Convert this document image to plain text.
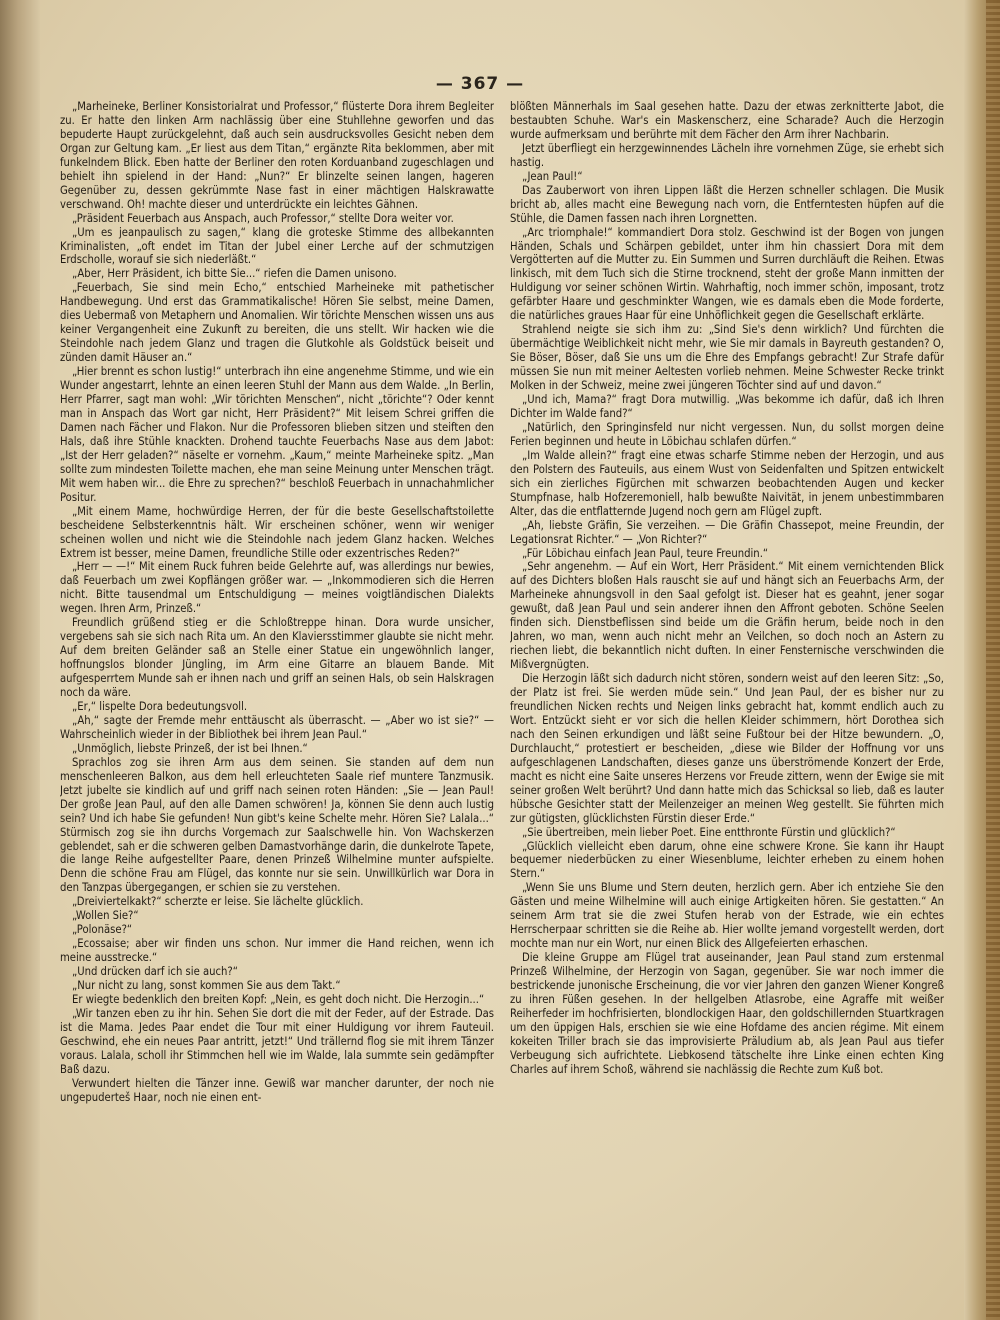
— 367 —

„Marheineke, Berliner Konsistorialrat und Professor,“ flüsterte Dora ihrem Begleiter zu. Er hatte den linken Arm nachlässig über eine Stuhllehne geworfen und das bepuderte Haupt zurückgelehnt, daß auch sein ausdrucksvolles Gesicht neben dem Organ zur Geltung kam. „Er liest aus dem Titan,“ ergänzte Rita beklommen, aber mit funkelndem Blick. Eben hatte der Berliner den roten Korduanband zugeschlagen und behielt ihn spielend in der Hand: „Nun?“ Er blinzelte seinen langen, hageren Gegenüber zu, dessen gekrümmte Nase fast in einer mächtigen Halskrawatte verschwand. Oh! machte dieser und unterdrückte ein leichtes Gähnen.

„Präsident Feuerbach aus Anspach, auch Professor,“ stellte Dora weiter vor.

„Um es jeanpaulisch zu sagen,“ klang die groteske Stimme des allbekannten Kriminalisten, „oft endet im Titan der Jubel einer Lerche auf der schmutzigen Erdscholle, worauf sie sich niederläßt.“

„Aber, Herr Präsident, ich bitte Sie...“ riefen die Damen unisono.

„Feuerbach, Sie sind mein Echo,“ entschied Marheineke mit pathetischer Handbewegung. Und erst das Grammatikalische! Hören Sie selbst, meine Damen, dies Uebermaß von Metaphern und Anomalien. Wir törichte Menschen wissen uns aus keiner Vergangenheit eine Zukunft zu bereiten, die uns stellt. Wir hacken wie die Steindohle nach jedem Glanz und tragen die Glutkohle als Goldstück beiseit und zünden damit Häuser an.“

„Hier brennt es schon lustig!“ unterbrach ihn eine angenehme Stimme, und wie ein Wunder angestarrt, lehnte an einen leeren Stuhl der Mann aus dem Walde. „In Berlin, Herr Pfarrer, sagt man wohl: „Wir törichten Menschen“, nicht „törichte“? Oder kennt man in Anspach das Wort gar nicht, Herr Präsident?“ Mit leisem Schrei griffen die Damen nach Fächer und Flakon. Nur die Professoren blieben sitzen und steiften den Hals, daß ihre Stühle knackten. Drohend tauchte Feuerbachs Nase aus dem Jabot: „Ist der Herr geladen?“ näselte er vornehm. „Kaum,“ meinte Marheineke spitz. „Man sollte zum mindesten Toilette machen, ehe man seine Meinung unter Menschen trägt. Mit wem haben wir... die Ehre zu sprechen?“ beschloß Feuerbach in unnachahmlicher Positur.

„Mit einem Mame, hochwürdige Herren, der für die beste Gesellschaftstoilette bescheidene Selbsterkenntnis hält. Wir erscheinen schöner, wenn wir weniger scheinen wollen und nicht wie die Steindohle nach jedem Glanz hacken. Welches Extrem ist besser, meine Damen, freundliche Stille oder exzentrisches Reden?“

„Herr — —!“ Mit einem Ruck fuhren beide Gelehrte auf, was allerdings nur bewies, daß Feuerbach um zwei Kopflängen größer war. — „Inkommodieren sich die Herren nicht. Bitte tausendmal um Entschuldigung — meines voigtländischen Dialekts wegen. Ihren Arm, Prinzeß.“

Freundlich grüßend stieg er die Schloßtreppe hinan. Dora wurde unsicher, vergebens sah sie sich nach Rita um. An den Klaviersstimmer glaubte sie nicht mehr. Auf dem breiten Geländer saß an Stelle einer Statue ein ungewöhnlich langer, hoffnungslos blonder Jüngling, im Arm eine Gitarre an blauem Bande. Mit aufgesperrtem Munde sah er ihnen nach und griff an seinen Hals, ob sein Halskragen noch da wäre.

„Er,“ lispelte Dora bedeutungsvoll.

„Ah,“ sagte der Fremde mehr enttäuscht als überrascht. — „Aber wo ist sie?“ — Wahrscheinlich wieder in der Bibliothek bei ihrem Jean Paul.“

„Unmöglich, liebste Prinzeß, der ist bei Ihnen.“

Sprachlos zog sie ihren Arm aus dem seinen. Sie standen auf dem nun menschenleeren Balkon, aus dem hell erleuchteten Saale rief muntere Tanzmusik. Jetzt jubelte sie kindlich auf und griff nach seinen roten Händen: „Sie — Jean Paul! Der große Jean Paul, auf den alle Damen schwören! Ja, können Sie denn auch lustig sein? Und ich habe Sie gefunden! Nun gibt's keine Schelte mehr. Hören Sie? Lalala...“ Stürmisch zog sie ihn durchs Vorgemach zur Saalschwelle hin. Von Wachskerzen geblendet, sah er die schweren gelben Damastvorhänge darin, die dunkelrote Tapete, die lange Reihe aufgestellter Paare, denen Prinzeß Wilhelmine munter aufspielte. Denn die schöne Frau am Flügel, das konnte nur sie sein. Unwillkürlich war Dora in den Tanzpas übergegangen, er schien sie zu verstehen.

„Dreiviertelkakt?“ scherzte er leise. Sie lächelte glücklich.

„Wollen Sie?“

„Polonäse?“

„Ecossaise; aber wir finden uns schon. Nur immer die Hand reichen, wenn ich meine ausstrecke.“

„Und drücken darf ich sie auch?“

„Nur nicht zu lang, sonst kommen Sie aus dem Takt.“

Er wiegte bedenklich den breiten Kopf: „Nein, es geht doch nicht. Die Herzogin...“

„Wir tanzen eben zu ihr hin. Sehen Sie dort die mit der Feder, auf der Estrade. Das ist die Mama. Jedes Paar endet die Tour mit einer Huldigung vor ihrem Fauteuil. Geschwind, ehe ein neues Paar antritt, jetzt!“ Und trällernd flog sie mit ihrem Tänzer voraus. Lalala, scholl ihr Stimmchen hell wie im Walde, lala summte sein gedämpfter Baß dazu.

Verwundert hielten die Tänzer inne. Gewiß war mancher darunter, der noch nie ungepuderteš Haar, noch nie einen ent-

blößten Männerhals im Saal gesehen hatte. Dazu der etwas zerknitterte Jabot, die bestaubten Schuhe. War's ein Maskenscherz, eine Scharade? Auch die Herzogin wurde aufmerksam und berührte mit dem Fächer den Arm ihrer Nachbarin.

Jetzt überfliegt ein herzgewinnendes Lächeln ihre vornehmen Züge, sie erhebt sich hastig.

„Jean Paul!“

Das Zauberwort von ihren Lippen läßt die Herzen schneller schlagen. Die Musik bricht ab, alles macht eine Bewegung nach vorn, die Entferntesten hüpfen auf die Stühle, die Damen fassen nach ihren Lorgnetten.

„Arc triomphale!“ kommandiert Dora stolz. Geschwind ist der Bogen von jungen Händen, Schals und Schärpen gebildet, unter ihm hin chassiert Dora mit dem Vergötterten auf die Mutter zu. Ein Summen und Surren durchläuft die Reihen. Etwas linkisch, mit dem Tuch sich die Stirne trocknend, steht der große Mann inmitten der Huldigung vor seiner schönen Wirtin. Wahrhaftig, noch immer schön, imposant, trotz gefärbter Haare und geschminkter Wangen, wie es damals eben die Mode forderte, die natürliches graues Haar für eine Unhöflichkeit gegen die Gesellschaft erklärte.

Strahlend neigte sie sich ihm zu: „Sind Sie's denn wirklich? Und fürchten die übermächtige Weiblichkeit nicht mehr, wie Sie mir damals in Bayreuth gestanden? O, Sie Böser, Böser, daß Sie uns um die Ehre des Empfangs gebracht! Zur Strafe dafür müssen Sie nun mit meiner Aeltesten vorlieb nehmen. Meine Schwester Recke trinkt Molken in der Schweiz, meine zwei jüngeren Töchter sind auf und davon.“

„Und ich, Mama?“ fragt Dora mutwillig. „Was bekomme ich dafür, daß ich Ihren Dichter im Walde fand?“

„Natürlich, den Springinsfeld nur nicht vergessen. Nun, du sollst morgen deine Ferien beginnen und heute in Löbichau schlafen dürfen.“

„Im Walde allein?“ fragt eine etwas scharfe Stimme neben der Herzogin, und aus den Polstern des Fauteuils, aus einem Wust von Seidenfalten und Spitzen entwickelt sich ein zierliches Figürchen mit schwarzen beobachtenden Augen und kecker Stumpfnase, halb Hofzeremoniell, halb bewußte Naivität, in jenem unbestimmbaren Alter, das die entflatternde Jugend noch gern am Flügel zupft.

„Ah, liebste Gräfin, Sie verzeihen. — Die Gräfin Chassepot, meine Freundin, der Legationsrat Richter.“ — „Von Richter?“

„Für Löbichau einfach Jean Paul, teure Freundin.“

„Sehr angenehm. — Auf ein Wort, Herr Präsident.“ Mit einem vernichtenden Blick auf des Dichters bloßen Hals rauscht sie auf und hängt sich an Feuerbachs Arm, der Marheineke ahnungsvoll in den Saal gefolgt ist. Dieser hat es geahnt, jener sogar gewußt, daß Jean Paul und sein anderer ihnen den Affront geboten. Schöne Seelen finden sich. Dienstbeflissen sind beide um die Gräfin herum, beide noch in den Jahren, wo man, wenn auch nicht mehr an Veilchen, so doch noch an Astern zu riechen liebt, die bekanntlich nicht duften. In einer Fensternische verschwinden die Mißvergnügten.

Die Herzogin läßt sich dadurch nicht stören, sondern weist auf den leeren Sitz: „So, der Platz ist frei. Sie werden müde sein.“ Und Jean Paul, der es bisher nur zu freundlichen Nicken rechts und Neigen links gebracht hat, kommt endlich auch zu Wort. Entzückt sieht er vor sich die hellen Kleider schimmern, hört Dorothea sich nach den Seinen erkundigen und läßt seine Fußtour bei der Hitze bewundern. „O, Durchlaucht,“ protestiert er bescheiden, „diese wie Bilder der Hoffnung vor uns aufgeschlagenen Landschaften, dieses ganze uns überströmende Konzert der Erde, macht es nicht eine Saite unseres Herzens vor Freude zittern, wenn der Ewige sie mit seiner großen Welt berührt? Und dann hatte mich das Schicksal so lieb, daß es lauter hübsche Gesichter statt der Meilenzeiger an meinen Weg gestellt. Sie führten mich zur gütigsten, glücklichsten Fürstin dieser Erde.“

„Sie übertreiben, mein lieber Poet. Eine entthronte Fürstin und glücklich?“

„Glücklich vielleicht eben darum, ohne eine schwere Krone. Sie kann ihr Haupt bequemer niederbücken zu einer Wiesenblume, leichter erheben zu einem hohen Stern.“

„Wenn Sie uns Blume und Stern deuten, herzlich gern. Aber ich entziehe Sie den Gästen und meine Wilhelmine will auch einige Artigkeiten hören. Sie gestatten.“ An seinem Arm trat sie die zwei Stufen herab von der Estrade, wie ein echtes Herrscherpaar schritten sie die Reihe ab. Hier wollte jemand vorgestellt werden, dort mochte man nur ein Wort, nur einen Blick des Allgefeierten erhaschen.

Die kleine Gruppe am Flügel trat auseinander, Jean Paul stand zum erstenmal Prinzeß Wilhelmine, der Herzogin von Sagan, gegenüber. Sie war noch immer die bestrickende junonische Erscheinung, die vor vier Jahren den ganzen Wiener Kongreß zu ihren Füßen gesehen. In der hellgelben Atlasrobe, eine Agraffe mit weißer Reiherfeder im hochfrisierten, blondlockigen Haar, den goldschillernden Stuartkragen um den üppigen Hals, erschien sie wie eine Hofdame des ancien régime. Mit einem kokeiten Triller brach sie das improvisierte Präludium ab, als Jean Paul aus tiefer Verbeugung sich aufrichtete. Liebkosend tätschelte ihre Linke einen echten King Charles auf ihrem Schoß, während sie nachlässig die Rechte zum Kuß bot.
